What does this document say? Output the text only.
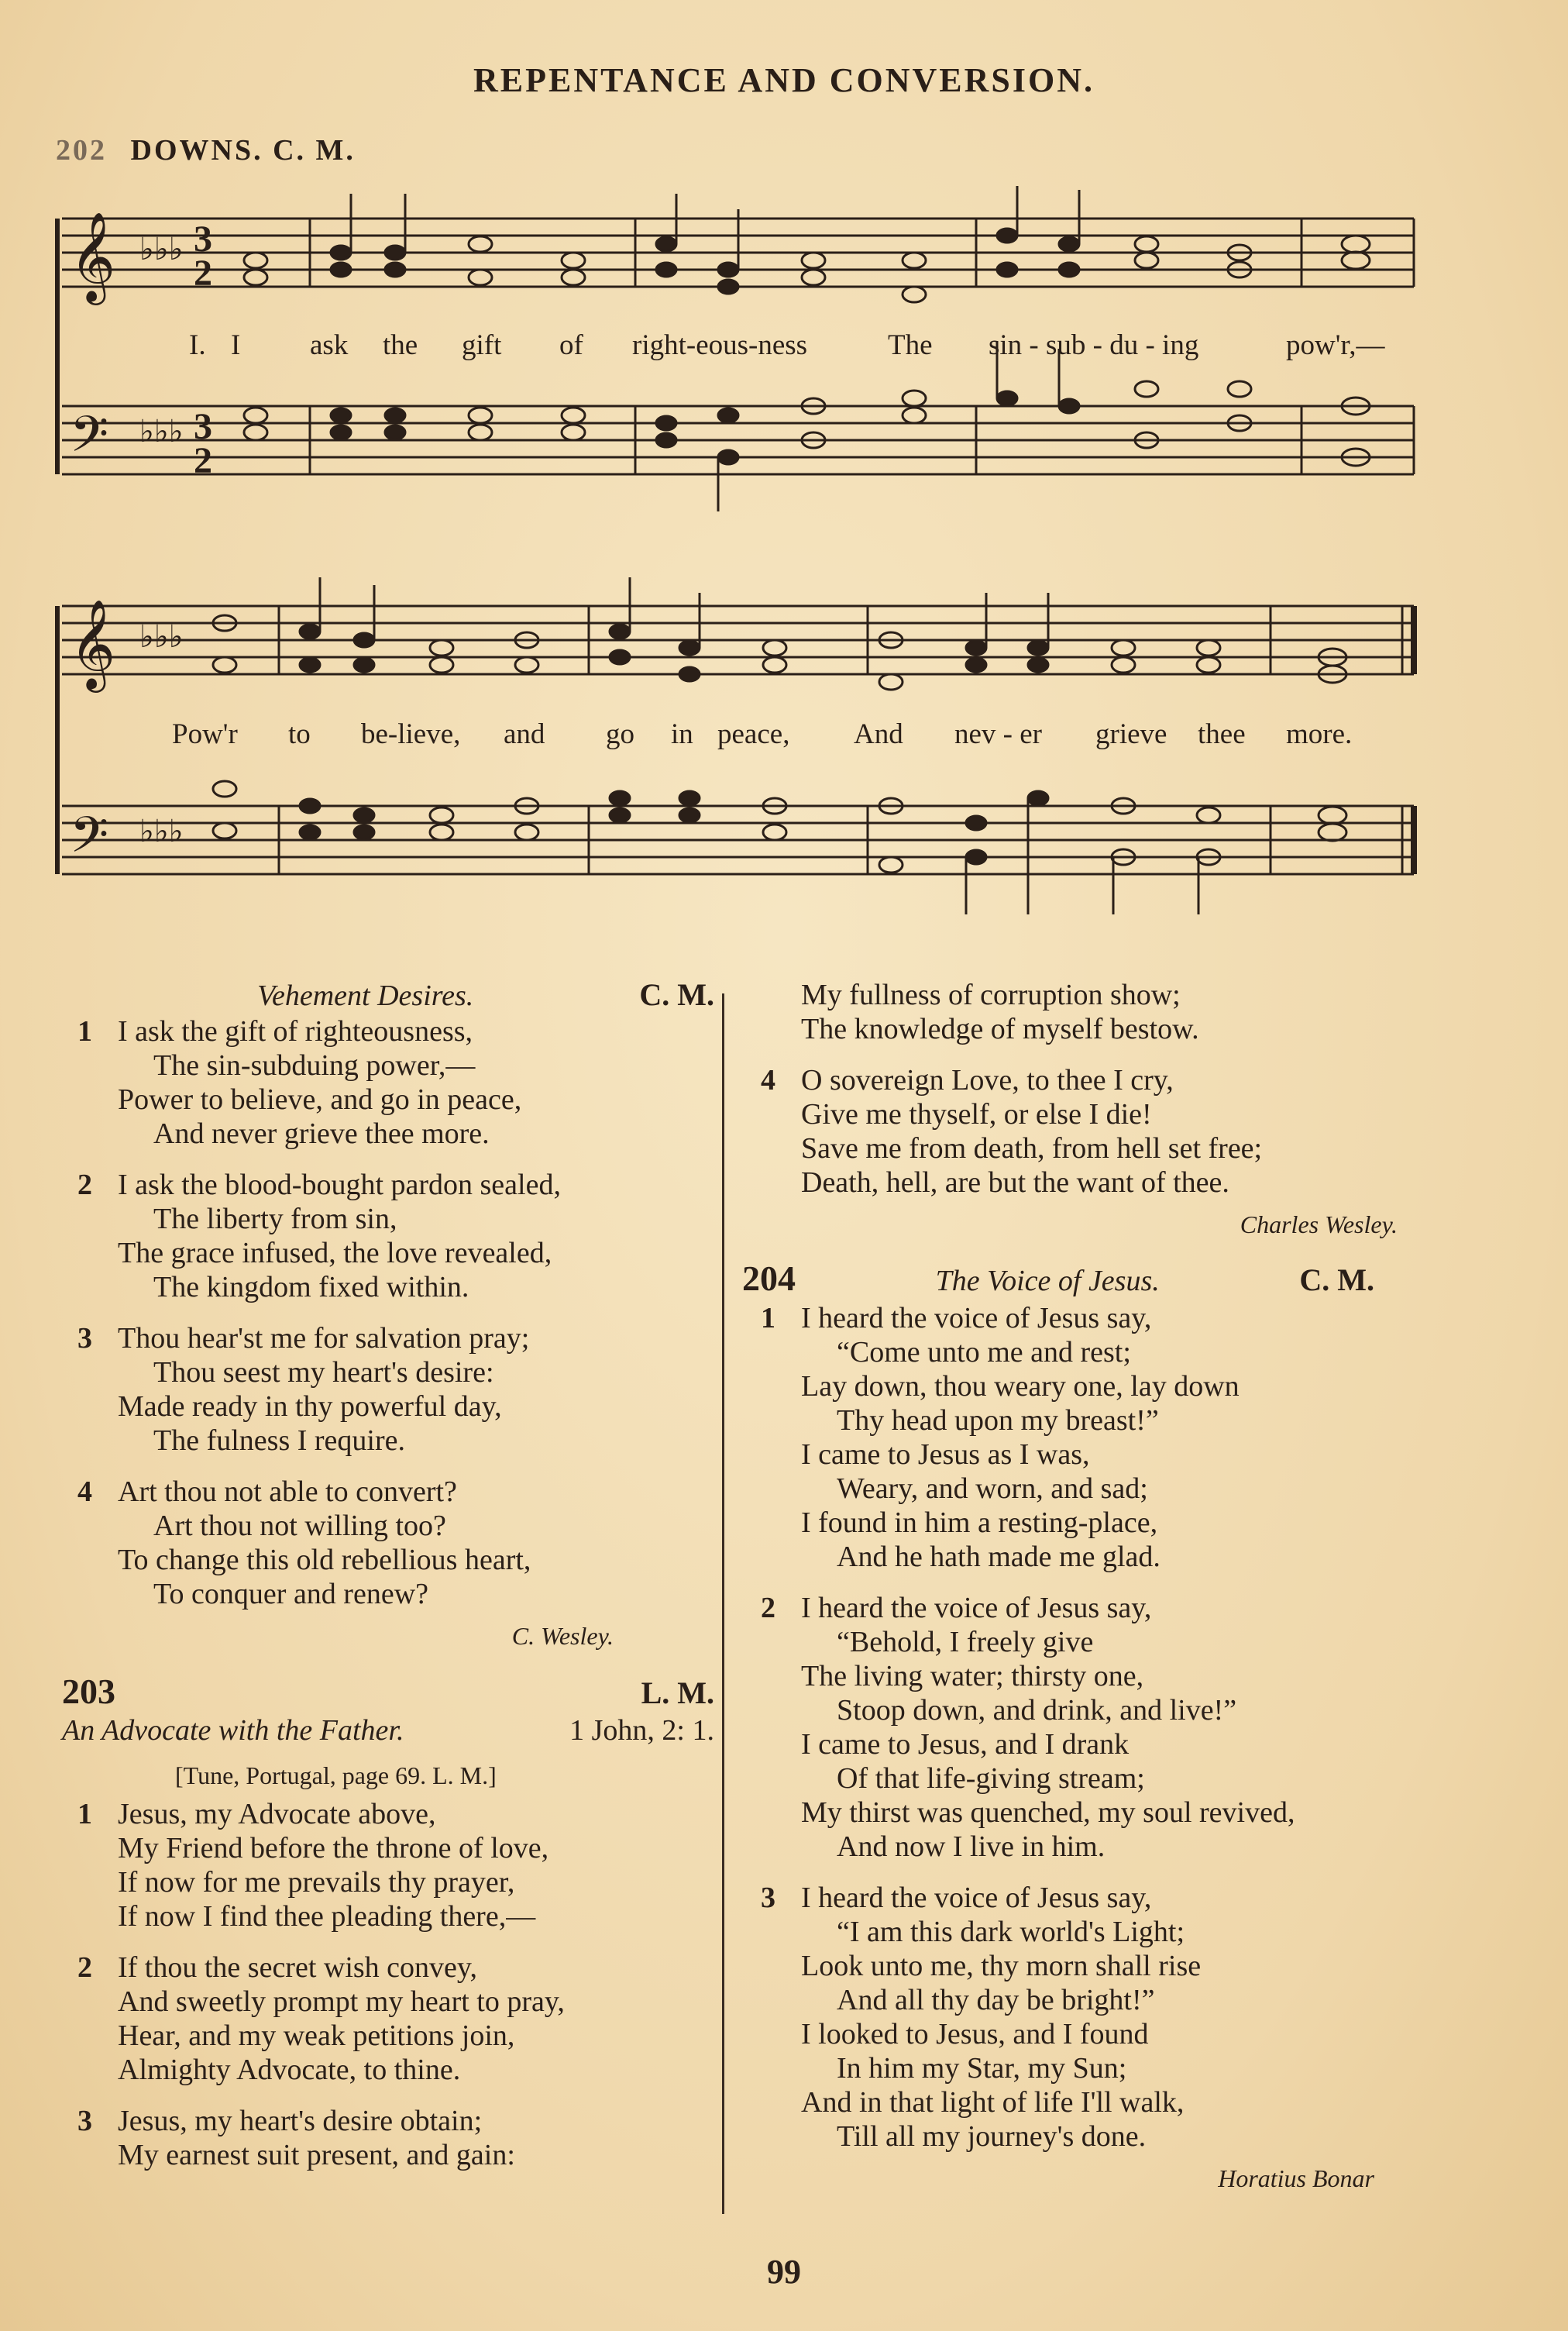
REPENTANCE AND CONVERSION.
202 DOWNS. C. M.
𝄞
𝄢
♭♭♭
♭♭♭
3
2
3
2
I. I ask the gift of right-eous-ness	The sin - sub - du - ing	pow'r,—
𝄞
𝄢
♭♭♭
♭♭♭
Pow'r to be-lieve, and go in peace, And nev - er grieve thee more.
Vehement Desires.	C. M.
1 I ask the gift of righteousness,
The sin-subduing power,—
Power to believe, and go in peace,
And never grieve thee more.
2 I ask the blood-bought pardon sealed,
The liberty from sin,
The grace infused, the love revealed,
The kingdom fixed within.
3 Thou hear'st me for salvation pray;
Thou seest my heart's desire:
Made ready in thy powerful day,
The fulness I require.
4 Art thou not able to convert?
Art thou not willing too?
To change this old rebellious heart,
To conquer and renew?
C. Wesley.
203	L. M.
An Advocate with the Father.	1 John, 2: 1.
[Tune, Portugal, page 69. L. M.]
1 Jesus, my Advocate above,
My Friend before the throne of love,
If now for me prevails thy prayer,
If now I find thee pleading there,—
2 If thou the secret wish convey,
And sweetly prompt my heart to pray,
Hear, and my weak petitions join,
Almighty Advocate, to thine.
3 Jesus, my heart's desire obtain;
My earnest suit present, and gain:
My fullness of corruption show;
The knowledge of myself bestow.
4 O sovereign Love, to thee I cry,
Give me thyself, or else I die!
Save me from death, from hell set free;
Death, hell, are but the want of thee.
Charles Wesley.
204	The Voice of Jesus.	C. M.
1 I heard the voice of Jesus say,
“Come unto me and rest;
Lay down, thou weary one, lay down
Thy head upon my breast!”
I came to Jesus as I was,
Weary, and worn, and sad;
I found in him a resting-place,
And he hath made me glad.
2 I heard the voice of Jesus say,
“Behold, I freely give
The living water; thirsty one,
Stoop down, and drink, and live!”
I came to Jesus, and I drank
Of that life-giving stream;
My thirst was quenched, my soul revived,
And now I live in him.
3 I heard the voice of Jesus say,
“I am this dark world's Light;
Look unto me, thy morn shall rise
And all thy day be bright!”
I looked to Jesus, and I found
In him my Star, my Sun;
And in that light of life I'll walk,
Till all my journey's done.
Horatius Bonar
99
